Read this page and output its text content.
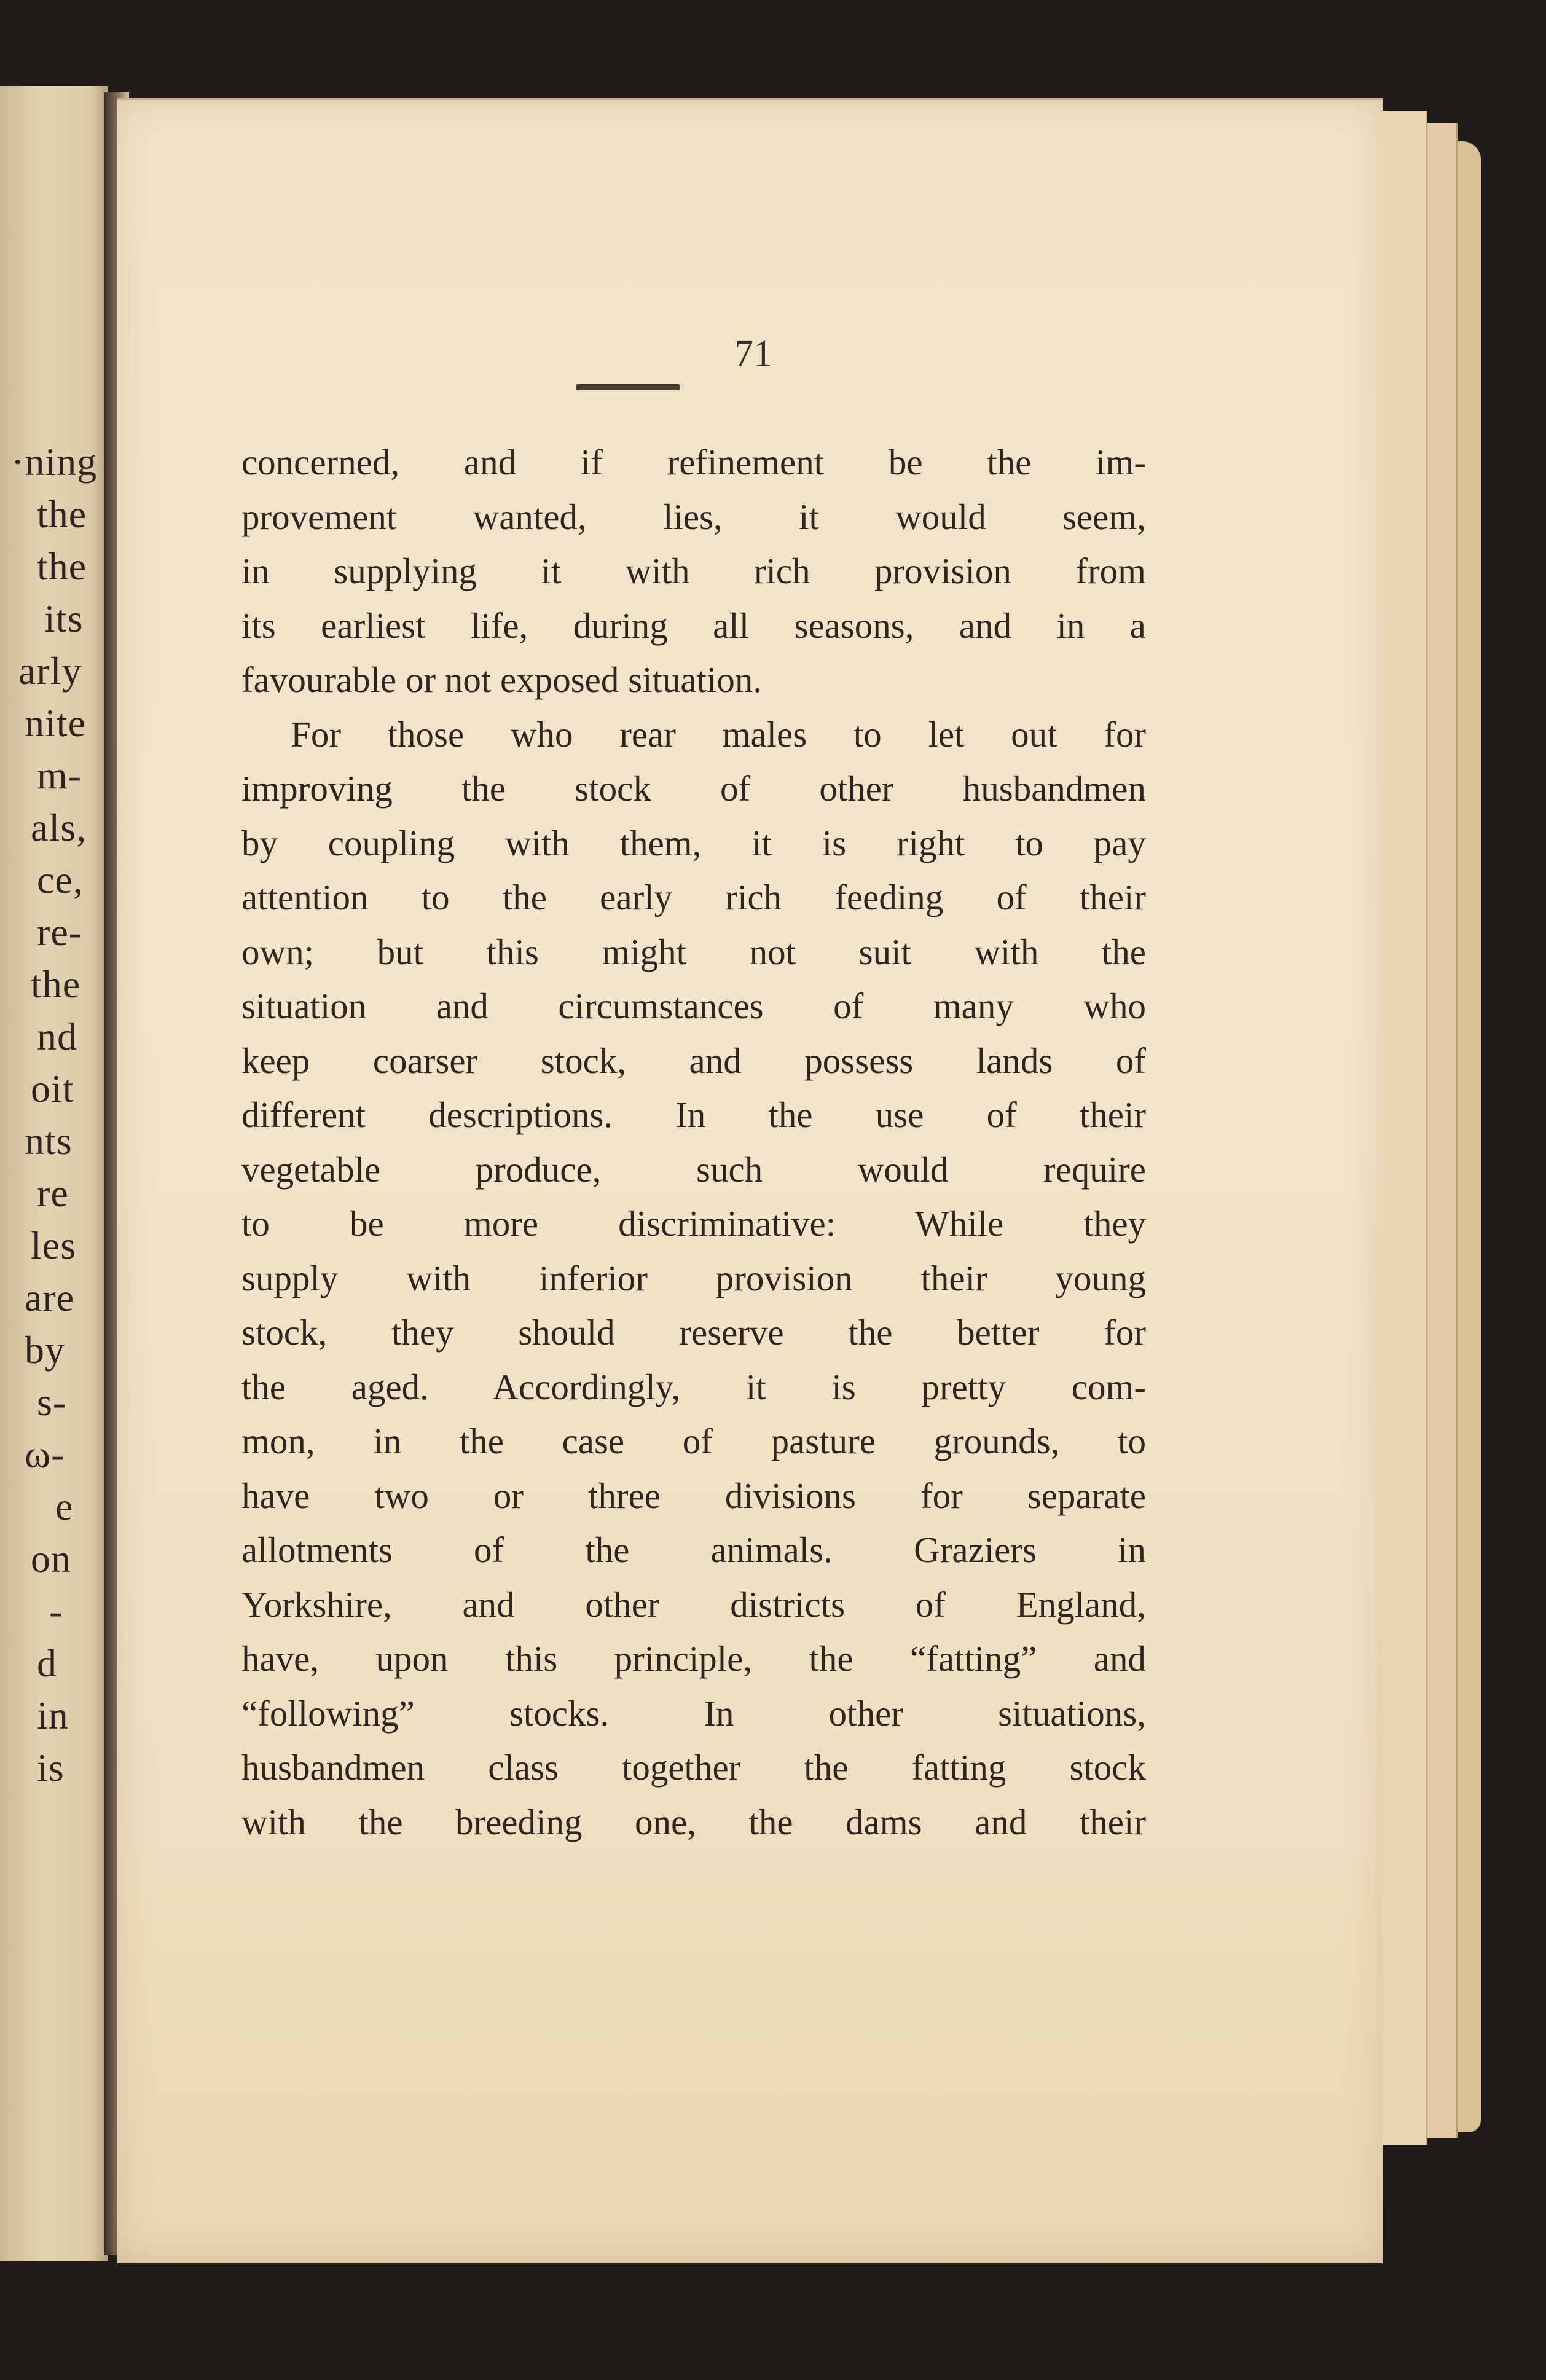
·ning
the
the
its
arly
nite
m-
als,
ce,
re-
the
nd
oit
nts
re
les
are
by
s-
ω-
e
on
-
d
in
is
71
concerned, and if refinement be the im-
provement wanted, lies, it would seem,
in supplying it with rich provision from
its earliest life, during all seasons, and in a
favourable or not exposed situation.
For those who rear males to let out for
improving the stock of other husbandmen
by coupling with them, it is right to pay
attention to the early rich feeding of their
own; but this might not suit with the
situation and circumstances of many who
keep coarser stock, and possess lands of
different descriptions. In the use of their
vegetable produce, such would require
to be more discriminative: While they
supply with inferior provision their young
stock, they should reserve the better for
the aged. Accordingly, it is pretty com-
mon, in the case of pasture grounds, to
have two or three divisions for separate
allotments of the animals. Graziers in
Yorkshire, and other districts of England,
have, upon this principle, the “fatting” and
“following” stocks. In other situations,
husbandmen class together the fatting stock
with the breeding one, the dams and their
